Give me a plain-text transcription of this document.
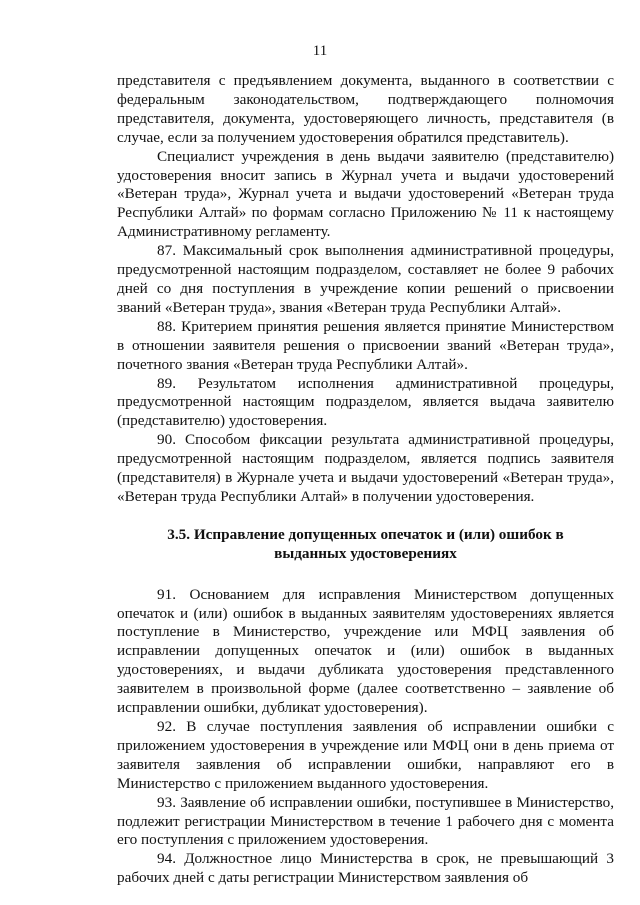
11

представителя с предъявлением документа, выданного в соответствии с федеральным законодательством, подтверждающего полномочия представителя, документа, удостоверяющего личность, представителя (в случае, если за получением удостоверения обратился представитель).

Специалист учреждения в день выдачи заявителю (представителю) удостоверения вносит запись в Журнал учета и выдачи удостоверений «Ветеран труда», Журнал учета и выдачи удостоверений «Ветеран труда Республики Алтай» по формам согласно Приложению № 11 к настоящему Административному регламенту.

87. Максимальный срок выполнения административной процедуры, предусмотренной настоящим подразделом, составляет не более 9 рабочих дней со дня поступления в учреждение копии решений о присвоении званий «Ветеран труда», звания «Ветеран труда Республики Алтай».

88. Критерием принятия решения является принятие Министерством в отношении заявителя решения о присвоении званий «Ветеран труда», почетного звания «Ветеран труда Республики Алтай».

89. Результатом исполнения административной процедуры, предусмотренной настоящим подразделом, является выдача заявителю (представителю) удостоверения.

90. Способом фиксации результата административной процедуры, предусмотренной настоящим подразделом, является подпись заявителя (представителя) в Журнале учета и выдачи удостоверений «Ветеран труда», «Ветеран труда Республики Алтай» в получении удостоверения.

3.5. Исправление допущенных опечаток и (или) ошибок в
выданных удостоверениях

91. Основанием для исправления Министерством допущенных опечаток и (или) ошибок в выданных заявителям удостоверениях является поступление в Министерство, учреждение или МФЦ заявления об исправлении допущенных опечаток и (или) ошибок в выданных удостоверениях, и выдачи дубликата удостоверения представленного заявителем в произвольной форме (далее соответственно – заявление об исправлении ошибки, дубликат удостоверения).

92. В случае поступления заявления об исправлении ошибки с приложением удостоверения в учреждение или МФЦ они в день приема от заявителя заявления об исправлении ошибки, направляют его в Министерство с приложением выданного удостоверения.

93. Заявление об исправлении ошибки, поступившее в Министерство, подлежит регистрации Министерством в течение 1 рабочего дня с момента его поступления с приложением удостоверения.

94. Должностное лицо Министерства в срок, не превышающий 3 рабочих дней с даты регистрации Министерством заявления об
